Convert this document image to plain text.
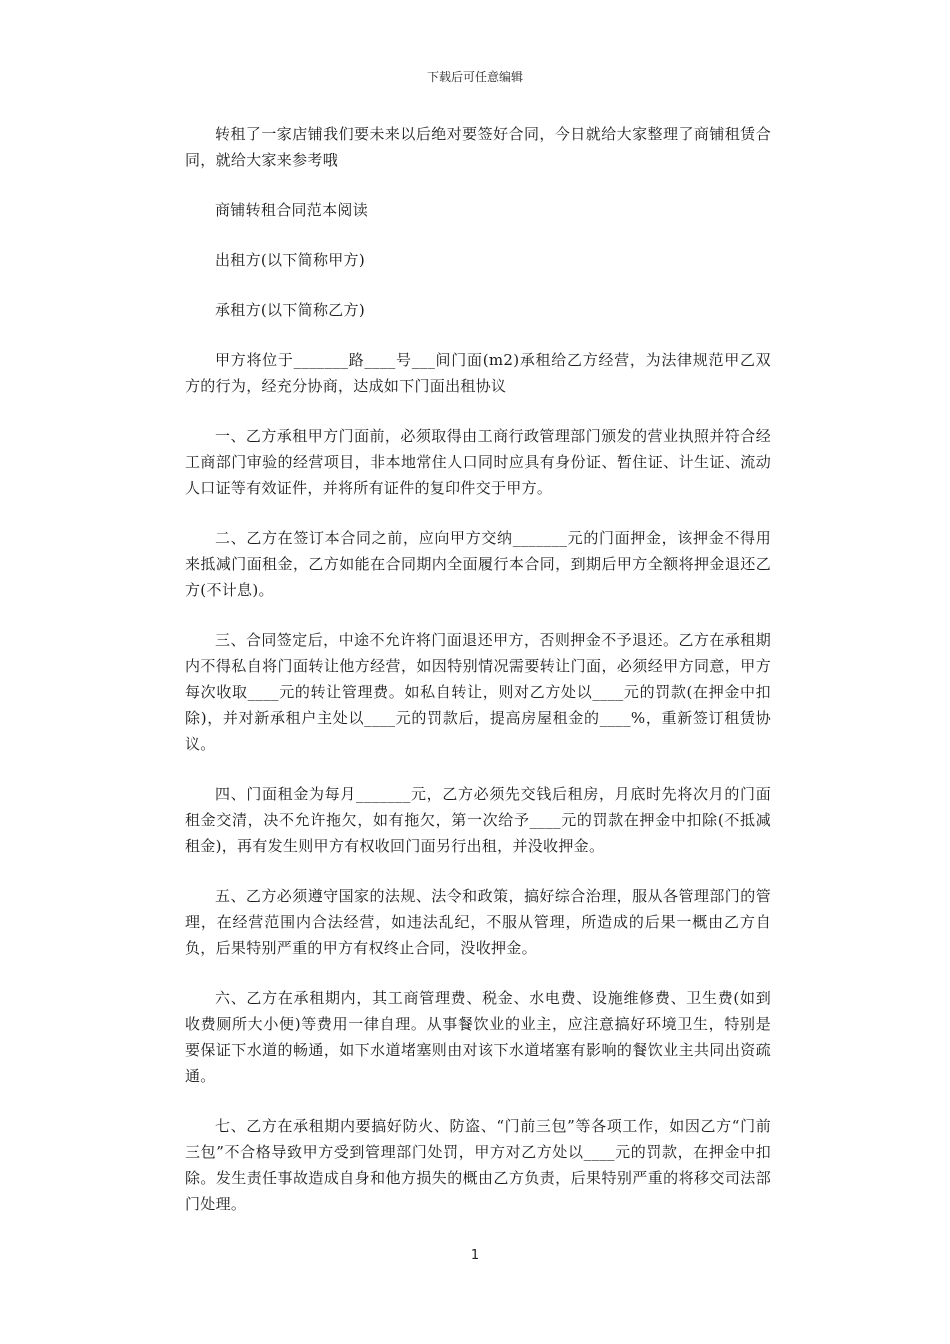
下载后可任意编辑

转租了一家店铺我们要未来以后绝对要签好合同，今日就给大家整理了商铺租赁合同，就给大家来参考哦

商铺转租合同范本阅读

出租方(以下简称甲方)

承租方(以下简称乙方)

甲方将位于_______路____号___间门面(m2)承租给乙方经营，为法律规范甲乙双方的行为，经充分协商，达成如下门面出租协议

一、乙方承租甲方门面前，必须取得由工商行政管理部门颁发的营业执照并符合经工商部门审验的经营项目，非本地常住人口同时应具有身份证、暂住证、计生证、流动人口证等有效证件，并将所有证件的复印件交于甲方。

二、乙方在签订本合同之前，应向甲方交纳_______元的门面押金，该押金不得用来抵减门面租金，乙方如能在合同期内全面履行本合同，到期后甲方全额将押金退还乙方(不计息)。

三、合同签定后，中途不允许将门面退还甲方，否则押金不予退还。乙方在承租期内不得私自将门面转让他方经营，如因特别情况需要转让门面，必须经甲方同意，甲方每次收取____元的转让管理费。如私自转让，则对乙方处以____元的罚款(在押金中扣除)，并对新承租户主处以____元的罚款后，提高房屋租金的____%，重新签订租赁协议。

四、门面租金为每月_______元，乙方必须先交钱后租房，月底时先将次月的门面租金交清，决不允许拖欠，如有拖欠，第一次给予____元的罚款在押金中扣除(不抵减租金)，再有发生则甲方有权收回门面另行出租，并没收押金。

五、乙方必须遵守国家的法规、法令和政策，搞好综合治理，服从各管理部门的管理，在经营范围内合法经营，如违法乱纪，不服从管理，所造成的后果一概由乙方自负，后果特别严重的甲方有权终止合同，没收押金。

六、乙方在承租期内，其工商管理费、税金、水电费、设施维修费、卫生费(如到收费厕所大小便)等费用一律自理。从事餐饮业的业主，应注意搞好环境卫生，特别是要保证下水道的畅通，如下水道堵塞则由对该下水道堵塞有影响的餐饮业主共同出资疏通。

七、乙方在承租期内要搞好防火、防盗、“门前三包”等各项工作，如因乙方“门前三包”不合格导致甲方受到管理部门处罚，甲方对乙方处以____元的罚款，在押金中扣除。发生责任事故造成自身和他方损失的概由乙方负责，后果特别严重的将移交司法部门处理。

1
